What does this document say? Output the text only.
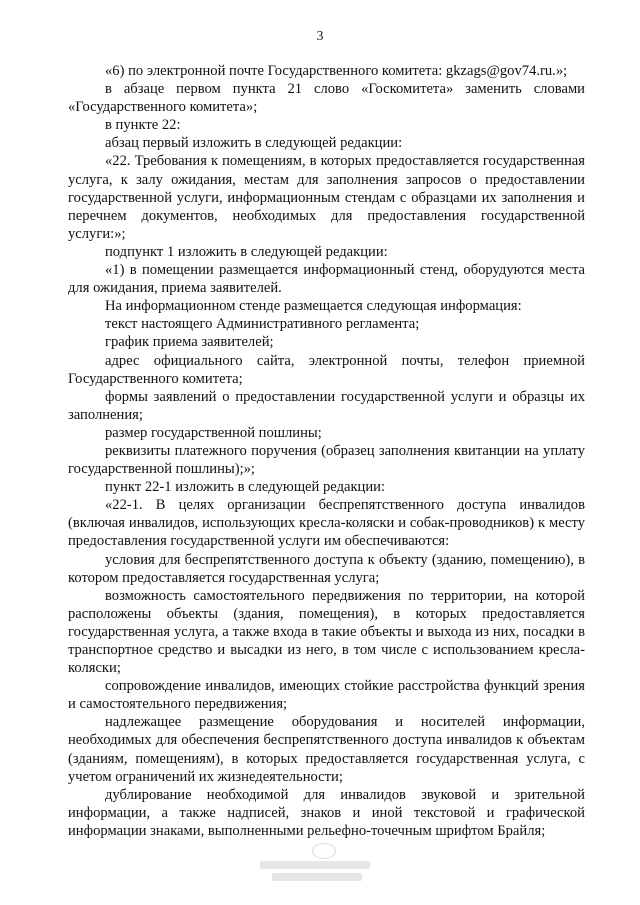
3

«6) по электронной почте Государственного комитета: gkzags@gov74.ru.»;

в абзаце первом пункта 21 слово «Госкомитета» заменить словами «Государственного комитета»;

в пункте 22:

абзац первый изложить в следующей редакции:

«22. Требования к помещениям, в которых предоставляется государственная услуга, к залу ожидания, местам для заполнения запросов о предоставлении государственной услуги, информационным стендам с образцами их заполнения и перечнем документов, необходимых для предоставления государственной услуги:»;

подпункт 1 изложить в следующей редакции:

«1) в помещении размещается информационный стенд, оборудуются места для ожидания, приема заявителей.

На информационном стенде размещается следующая информация:

текст настоящего Административного регламента;

график приема заявителей;

адрес официального сайта, электронной почты, телефон приемной Государственного комитета;

формы заявлений о предоставлении государственной услуги и образцы их заполнения;

размер государственной пошлины;

реквизиты платежного поручения (образец заполнения квитанции на уплату государственной пошлины);»;

пункт 22-1 изложить в следующей редакции:

«22-1. В целях организации беспрепятственного доступа инвалидов (включая инвалидов, использующих кресла-коляски и собак-проводников) к месту предоставления государственной услуги им обеспечиваются:

условия для беспрепятственного доступа к объекту (зданию, помещению), в котором предоставляется государственная услуга;

возможность самостоятельного передвижения по территории, на которой расположены объекты (здания, помещения), в которых предоставляется государственная услуга, а также входа в такие объекты и выхода из них, посадки в транспортное средство и высадки из него, в том числе с использованием кресла-коляски;

сопровождение инвалидов, имеющих стойкие расстройства функций зрения и самостоятельного передвижения;

надлежащее размещение оборудования и носителей информации, необходимых для обеспечения беспрепятственного доступа инвалидов к объектам (зданиям, помещениям), в которых предоставляется государственная услуга, с учетом ограничений их жизнедеятельности;

дублирование необходимой для инвалидов звуковой и зрительной информации, а также надписей, знаков и иной текстовой и графической информации знаками, выполненными рельефно-точечным шрифтом Брайля;
